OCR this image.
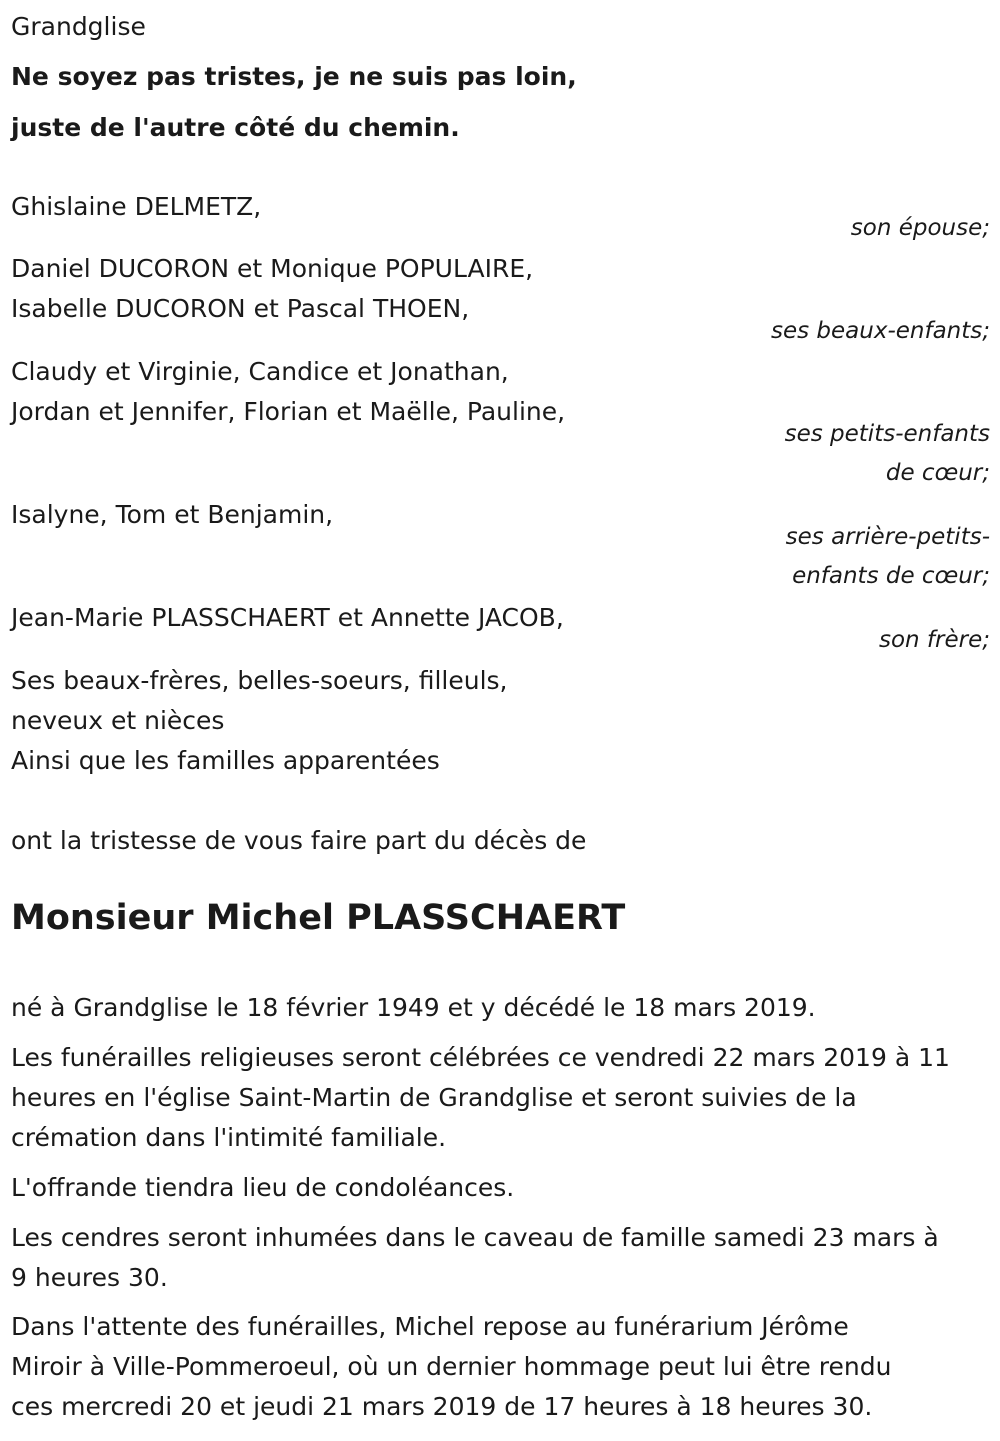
Grandglise
Ne soyez pas tristes, je ne suis pas loin,
juste de l'autre côté du chemin.
Ghislaine DELMETZ,
son épouse;
Daniel DUCORON et Monique POPULAIRE,
Isabelle DUCORON et Pascal THOEN,
ses beaux-enfants;
Claudy et Virginie, Candice et Jonathan,
Jordan et Jennifer, Florian et Maëlle, Pauline,
ses petits-enfants
de cœur;
Isalyne, Tom et Benjamin,
ses arrière-petits-
enfants de cœur;
Jean-Marie PLASSCHAERT et Annette JACOB,
son frère;
Ses beaux-frères, belles-soeurs, filleuls,
neveux et nièces
Ainsi que les familles apparentées
ont la tristesse de vous faire part du décès de
Monsieur Michel PLASSCHAERT
né à Grandglise le 18 février 1949 et y décédé le 18 mars 2019.
Les funérailles religieuses seront célébrées ce vendredi 22 mars 2019 à 11
heures en l'église Saint-Martin de Grandglise et seront suivies de la
crémation dans l'intimité familiale.
L'offrande tiendra lieu de condoléances.
Les cendres seront inhumées dans le caveau de famille samedi 23 mars à
9 heures 30.
Dans l'attente des funérailles, Michel repose au funérarium Jérôme
Miroir à Ville-Pommeroeul, où un dernier hommage peut lui être rendu
ces mercredi 20 et jeudi 21 mars 2019 de 17 heures à 18 heures 30.
